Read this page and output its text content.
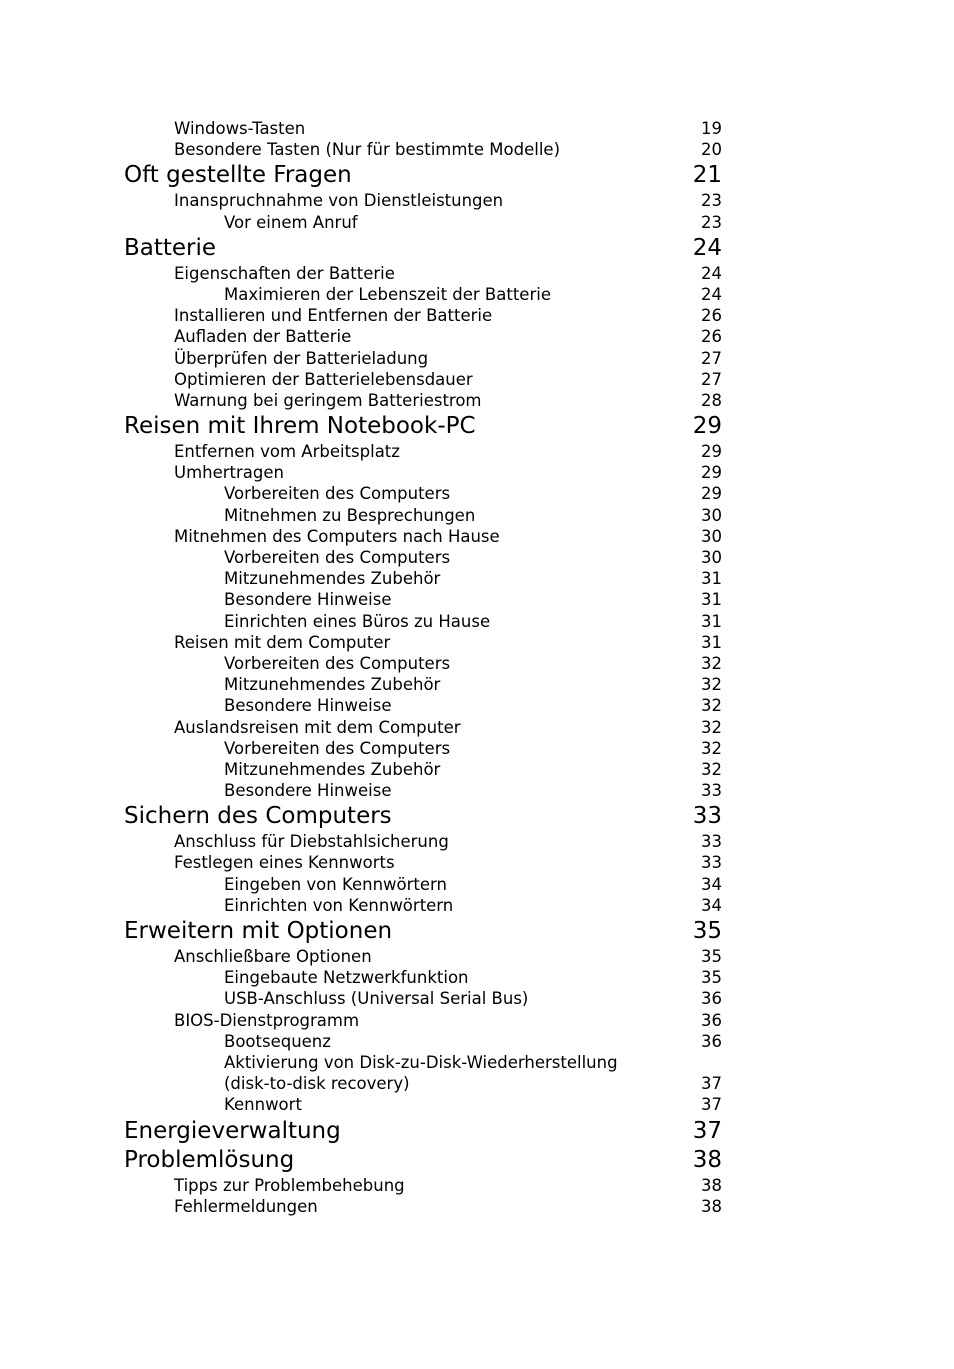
Windows-Tasten	19
Besondere Tasten (Nur für bestimmte Modelle)	20
Oft gestellte Fragen	21
Inanspruchnahme von Dienstleistungen	23
Vor einem Anruf	23
Batterie	24
Eigenschaften der Batterie	24
Maximieren der Lebenszeit der Batterie	24
Installieren und Entfernen der Batterie	26
Aufladen der Batterie	26
Überprüfen der Batterieladung	27
Optimieren der Batterielebensdauer	27
Warnung bei geringem Batteriestrom	28
Reisen mit Ihrem Notebook-PC	29
Entfernen vom Arbeitsplatz	29
Umhertragen	29
Vorbereiten des Computers	29
Mitnehmen zu Besprechungen	30
Mitnehmen des Computers nach Hause	30
Vorbereiten des Computers	30
Mitzunehmendes Zubehör	31
Besondere Hinweise	31
Einrichten eines Büros zu Hause	31
Reisen mit dem Computer	31
Vorbereiten des Computers	32
Mitzunehmendes Zubehör	32
Besondere Hinweise	32
Auslandsreisen mit dem Computer	32
Vorbereiten des Computers	32
Mitzunehmendes Zubehör	32
Besondere Hinweise	33
Sichern des Computers	33
Anschluss für Diebstahlsicherung	33
Festlegen eines Kennworts	33
Eingeben von Kennwörtern	34
Einrichten von Kennwörtern	34
Erweitern mit Optionen	35
Anschließbare Optionen	35
Eingebaute Netzwerkfunktion	35
USB-Anschluss (Universal Serial Bus)	36
BIOS-Dienstprogramm	36
Bootsequenz	36
Aktivierung von Disk-zu-Disk-Wiederherstellung
(disk-to-disk recovery)	37
Kennwort	37
Energieverwaltung	37
Problemlösung	38
Tipps zur Problembehebung	38
Fehlermeldungen	38
